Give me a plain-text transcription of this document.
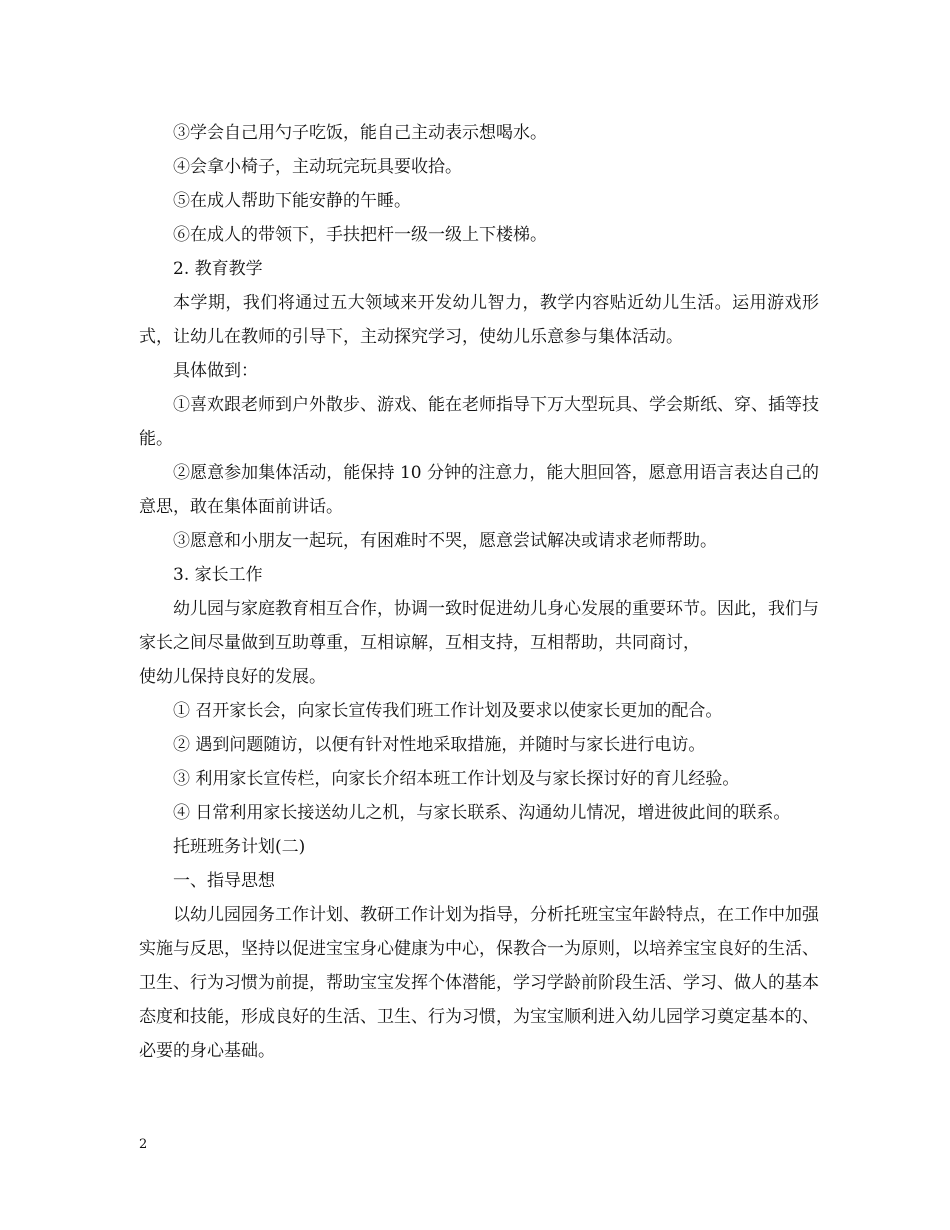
③学会自己用勺子吃饭，能自己主动表示想喝水。

④会拿小椅子，主动玩完玩具要收拾。

⑤在成人帮助下能安静的午睡。

⑥在成人的带领下，手扶把杆一级一级上下楼梯。

2. 教育教学

本学期，我们将通过五大领域来开发幼儿智力，教学内容贴近幼儿生活。运用游戏形式，让幼儿在教师的引导下，主动探究学习，使幼儿乐意参与集体活动。

具体做到：

①喜欢跟老师到户外散步、游戏、能在老师指导下万大型玩具、学会斯纸、穿、插等技能。

②愿意参加集体活动，能保持 10 分钟的注意力，能大胆回答，愿意用语言表达自己的意思，敢在集体面前讲话。

③愿意和小朋友一起玩，有困难时不哭，愿意尝试解决或请求老师帮助。

3. 家长工作

幼儿园与家庭教育相互合作，协调一致时促进幼儿身心发展的重要环节。因此，我们与家长之间尽量做到互助尊重，互相谅解，互相支持，互相帮助，共同商讨，

使幼儿保持良好的发展。

① 召开家长会，向家长宣传我们班工作计划及要求以使家长更加的配合。

② 遇到问题随访，以便有针对性地采取措施，并随时与家长进行电访。

③ 利用家长宣传栏，向家长介绍本班工作计划及与家长探讨好的育儿经验。

④ 日常利用家长接送幼儿之机，与家长联系、沟通幼儿情况，增进彼此间的联系。

托班班务计划(二)

一、指导思想

以幼儿园园务工作计划、教研工作计划为指导，分析托班宝宝年龄特点，在工作中加强实施与反思，坚持以促进宝宝身心健康为中心，保教合一为原则，以培养宝宝良好的生活、卫生、行为习惯为前提，帮助宝宝发挥个体潜能，学习学龄前阶段生活、学习、做人的基本态度和技能，形成良好的生活、卫生、行为习惯，为宝宝顺利进入幼儿园学习奠定基本的、必要的身心基础。

2
